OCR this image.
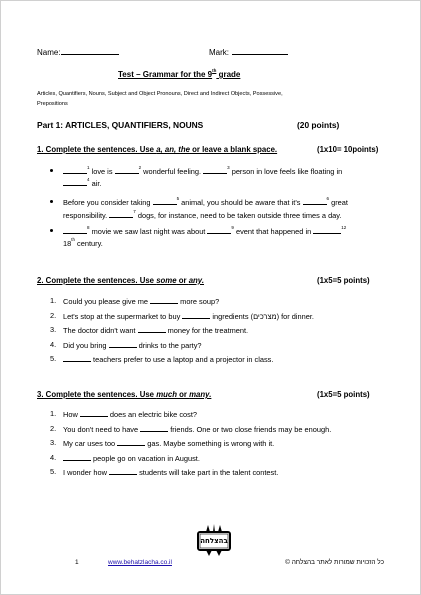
Name:	Mark:
Test – Grammar for the 9th grade
Articles, Quantifiers, Nouns, Subject and Object Pronouns, Direct and Indirect Objects, Possessive,
Prepositions
Part 1: ARTICLES, QUANTIFIERS, NOUNS	(20 points)
1. Complete the sentences. Use a, an, the or leave a blank space.	(1x10= 10points)
$^1$ love is	$^2$ wonderful feeling.	$^3$ person in love feels like floating in
$^4$ air.
Before you consider taking	$^5$ animal, you should be aware that it's	$^6$ great
responsibility.	$^7$ dogs, for instance, need to be taken outside three times a day.
$^8$ movie we saw last night was about	$^9$ event that happened in	$^{12}$
18th century.
2. Complete the sentences. Use some or any.	(1x5=5 points)
1. Could you please give me	more soup?
2. Let's stop at the supermarket to buy	ingredients (מצרכים) for dinner.
3. The doctor didn't want	money for the treatment.
4. Did you bring	drinks to the party?
5.	teachers prefer to use a laptop and a projector in class.
3. Complete the sentences. Use much or many.	(1x5=5 points)
1. How	does an electric bike cost?
2. You don't need to have	friends. One or two close friends may be enough.
3. My car uses too	gas. Maybe something is wrong with it.
4.	people go on vacation in August.
5. I wonder how	students will take part in the talent contest.
בהצלחה
1	www.behatzlacha.co.il	כל הזכויות שמורות לאתר בהצלחה ©
